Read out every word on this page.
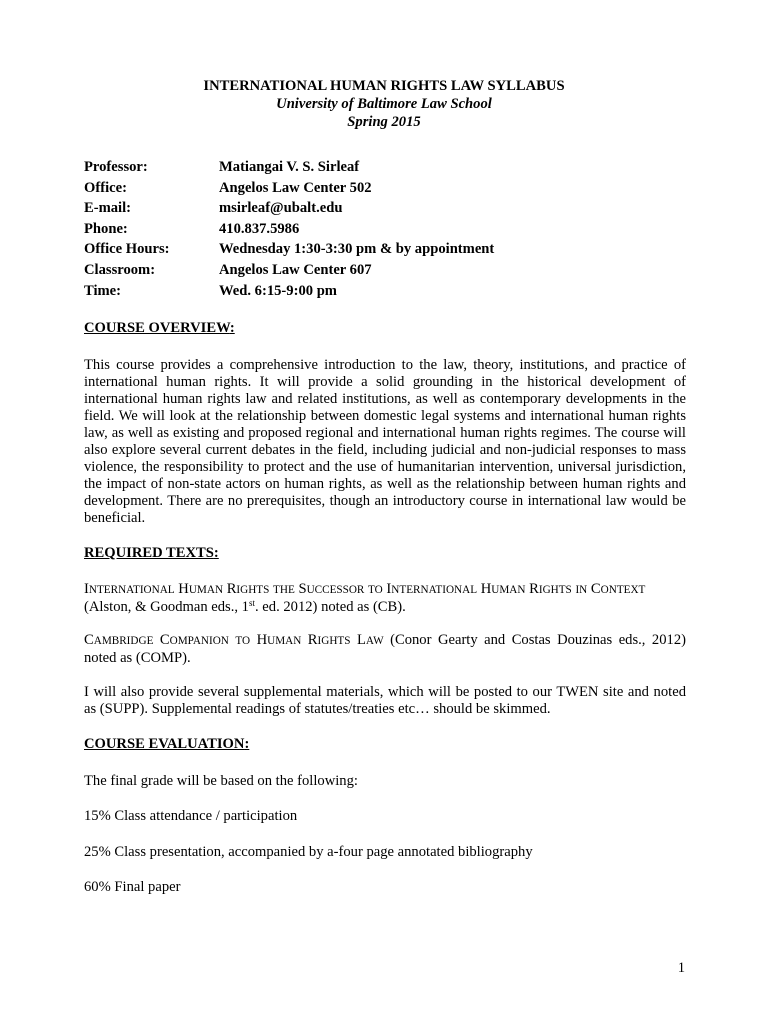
INTERNATIONAL HUMAN RIGHTS LAW SYLLABUS
University of Baltimore Law School
Spring 2015
Professor:	Matiangai V. S. Sirleaf
Office:	Angelos Law Center 502
E-mail:	msirleaf@ubalt.edu
Phone:	410.837.5986
Office Hours:	Wednesday 1:30-3:30 pm & by appointment
Classroom:	Angelos Law Center 607
Time:	Wed. 6:15-9:00 pm
COURSE OVERVIEW:
This course provides a comprehensive introduction to the law, theory, institutions, and practice of international human rights. It will provide a solid grounding in the historical development of international human rights law and related institutions, as well as contemporary developments in the field. We will look at the relationship between domestic legal systems and international human rights law, as well as existing and proposed regional and international human rights regimes. The course will also explore several current debates in the field, including judicial and non-judicial responses to mass violence, the responsibility to protect and the use of humanitarian intervention, universal jurisdiction, the impact of non-state actors on human rights, as well as the relationship between human rights and development. There are no prerequisites, though an introductory course in international law would be beneficial.
REQUIRED TEXTS:
INTERNATIONAL HUMAN RIGHTS THE SUCCESSOR TO INTERNATIONAL HUMAN RIGHTS IN CONTEXT
(Alston, & Goodman eds., 1st. ed. 2012) noted as (CB).
CAMBRIDGE COMPANION TO HUMAN RIGHTS LAW (Conor Gearty and Costas Douzinas eds., 2012) noted as (COMP).
I will also provide several supplemental materials, which will be posted to our TWEN site and noted as (SUPP). Supplemental readings of statutes/treaties etc… should be skimmed.
COURSE EVALUATION:
The final grade will be based on the following:
15% Class attendance / participation
25% Class presentation, accompanied by a-four page annotated bibliography
60% Final paper
1
